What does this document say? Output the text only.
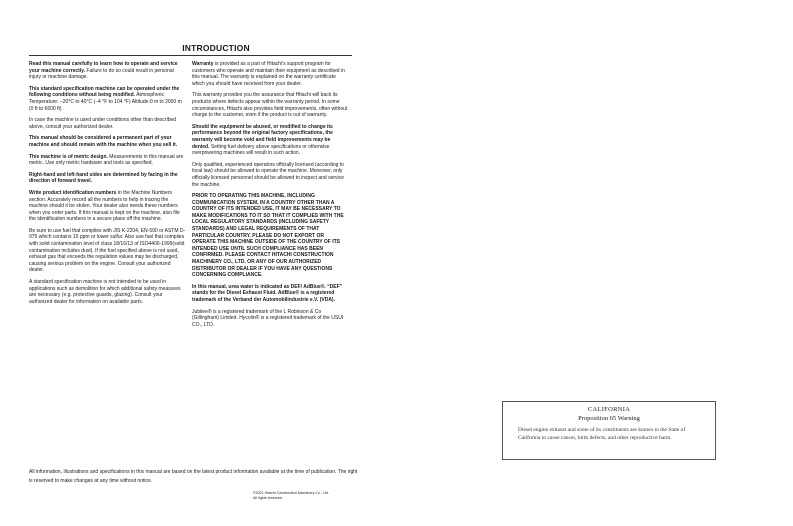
INTRODUCTION

Read this manual carefully to learn how to operate and service your machine correctly. Failure to do so could result in personal injury or machine damage.

This standard specification machine can be operated under the following conditions without being modified. Atmospheric Temperature: −20°C to 40°C (−4 °F to 104 °F) Altitude:0 m to 2000 m (0 ft to 6600 ft)

In case the machine is used under conditions other than described above, consult your authorized dealer.

This manual should be considered a permanent part of your machine and should remain with the machine when you sell it.

This machine is of metric design. Measurements in this manual are metric. Use only metric hardware and tools as specified.

Right-hand and left-hand sides are determined by facing in the direction of forward travel.

Write product identification numbers in the Machine Numbers section. Accurately record all the numbers to help in tracing the machine should it be stolen. Your dealer also needs these numbers when you order parts. If this manual is kept on the machine, also file the identification numbers in a secure place off the machine.

Be sure to use fuel that complies with JIS K-2204, EN-590 or ASTM D-975 which contains 15 ppm or lower sulfur. Also use fuel that complies with solid contamination level of class 18/16/13 of ISO4406-1999(solid contamination includes dust). If the fuel specified above is not used, exhaust gas that exceeds the regulation values may be discharged, causing serious problem on the engine. Consult your authorized dealer.

A standard specification machine is not intended to be used in applications such as demolition for which additional safety measures are necessary (e.g. protective guards, glazing). Consult your authorized dealer for information on available parts.

Warranty is provided as a part of Hitachi's support program for customers who operate and maintain their equipment as described in this manual. The warranty is explained on the warranty certificate which you should have received from your dealer.

This warranty provides you the assurance that Hitachi will back its products where defects appear within the warranty period. In some circumstances, Hitachi also provides field improvements, often without charge to the customer, even if the product is out of warranty.

Should the equipment be abused, or modified to change its performance beyond the original factory specifications, the warranty will become void and field improvements may be denied. Setting fuel delivery above specifications or otherwise overpowering machines will result in such action.

Only qualified, experienced operators officially licensed (according to local law) should be allowed to operate the machine. Moreover, only officially licensed personnel should be allowed to inspect and service the machine.

PRIOR TO OPERATING THIS MACHINE, INCLUDING COMMUNICATION SYSTEM, IN A COUNTRY OTHER THAN A COUNTRY OF ITS INTENDED USE, IT MAY BE NECESSARY TO MAKE MODIFICATIONS TO IT SO THAT IT COMPLIES WITH THE LOCAL REGULATORY STANDARDS (INCLUDING SAFETY STANDARDS) AND LEGAL REQUIREMENTS OF THAT PARTICULAR COUNTRY. PLEASE DO NOT EXPORT OR OPERATE THIS MACHINE OUTSIDE OF THE COUNTRY OF ITS INTENDED USE UNTIL SUCH COMPLIANCE HAS BEEN CONFIRMED. PLEASE CONTACT HITACHI CONSTRUCTION MACHINERY CO., LTD. OR ANY OF OUR AUTHORIZED DISTRIBUTOR OR DEALER IF YOU HAVE ANY QUESTIONS CONCERNING COMPLIANCE.

In this manual, urea water is indicated as DEF/ AdBlue®. “DEF” stands for the Diesel Exhaust Fluid. AdBlue® is a registered trademark of the Verband der Automobilindustrie e.V. (VDA).

Jubilee® is a registered trademark of the L Robinson & Co (Gillingham) Limited. Hycolin® is a registered trademark of the USUI CO., LTD.

All information, illustrations and specifications in this manual are based on the latest product information available at the time of publication. The right is reserved to make changes at any time without notice.
©2021 Hitachi Construction Machinery Co., Ltd.
All rights reserved.
CALIFORNIA
Proposition 65 Warning
Diesel engine exhaust and some of its constituents are known to the State of California to cause cancer, birth defects, and other reproductive harm.
